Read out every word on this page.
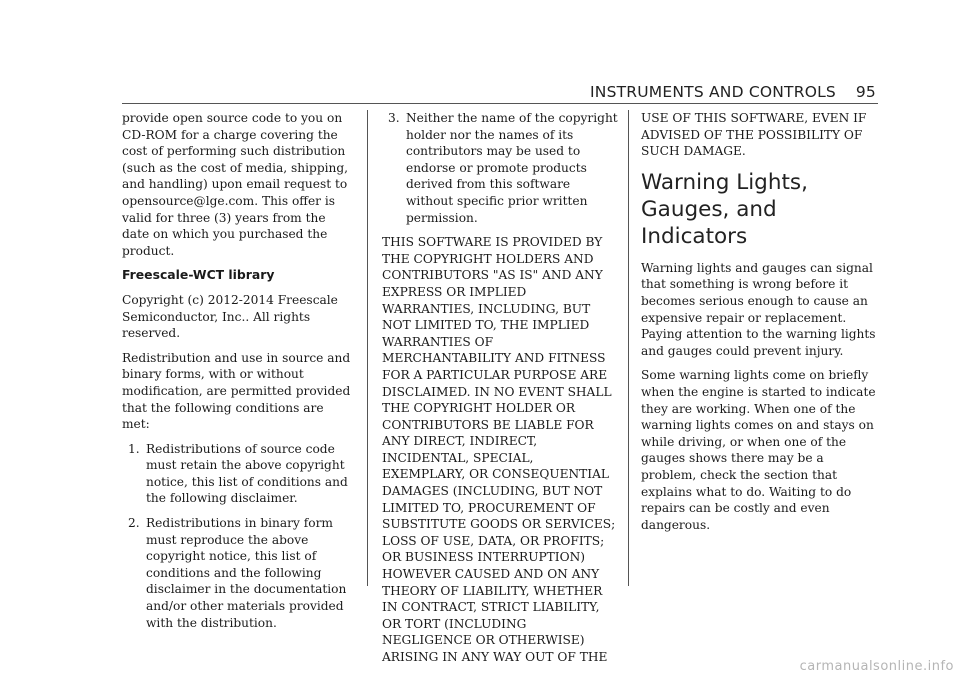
INSTRUMENTS AND CONTROLS 95

provide open source code to you on CD-ROM for a charge covering the cost of performing such distribution (such as the cost of media, shipping, and handling) upon email request to opensource@lge.com. This offer is valid for three (3) years from the date on which you purchased the product.

Freescale-WCT library

Copyright (c) 2012-2014 Freescale Semiconductor, Inc.. All rights reserved.

Redistribution and use in source and binary forms, with or without modification, are permitted provided that the following conditions are met:

1. Redistributions of source code must retain the above copyright notice, this list of conditions and the following disclaimer.
2. Redistributions in binary form must reproduce the above copyright notice, this list of conditions and the following disclaimer in the documentation and/or other materials provided with the distribution.
3. Neither the name of the copyright holder nor the names of its contributors may be used to endorse or promote products derived from this software without specific prior written permission.

THIS SOFTWARE IS PROVIDED BY THE COPYRIGHT HOLDERS AND CONTRIBUTORS "AS IS" AND ANY EXPRESS OR IMPLIED WARRANTIES, INCLUDING, BUT NOT LIMITED TO, THE IMPLIED WARRANTIES OF MERCHANTABILITY AND FITNESS FOR A PARTICULAR PURPOSE ARE DISCLAIMED. IN NO EVENT SHALL THE COPYRIGHT HOLDER OR CONTRIBUTORS BE LIABLE FOR ANY DIRECT, INDIRECT, INCIDENTAL, SPECIAL, EXEMPLARY, OR CONSEQUENTIAL DAMAGES (INCLUDING, BUT NOT LIMITED TO, PROCUREMENT OF SUBSTITUTE GOODS OR SERVICES; LOSS OF USE, DATA, OR PROFITS; OR BUSINESS INTERRUPTION) HOWEVER CAUSED AND ON ANY THEORY OF LIABILITY, WHETHER IN CONTRACT, STRICT LIABILITY, OR TORT (INCLUDING NEGLIGENCE OR OTHERWISE) ARISING IN ANY WAY OUT OF THE

USE OF THIS SOFTWARE, EVEN IF ADVISED OF THE POSSIBILITY OF SUCH DAMAGE.

Warning Lights, Gauges, and Indicators

Warning lights and gauges can signal that something is wrong before it becomes serious enough to cause an expensive repair or replacement. Paying attention to the warning lights and gauges could prevent injury.

Some warning lights come on briefly when the engine is started to indicate they are working. When one of the warning lights comes on and stays on while driving, or when one of the gauges shows there may be a problem, check the section that explains what to do. Waiting to do repairs can be costly and even dangerous.

carmanualsonline.info
